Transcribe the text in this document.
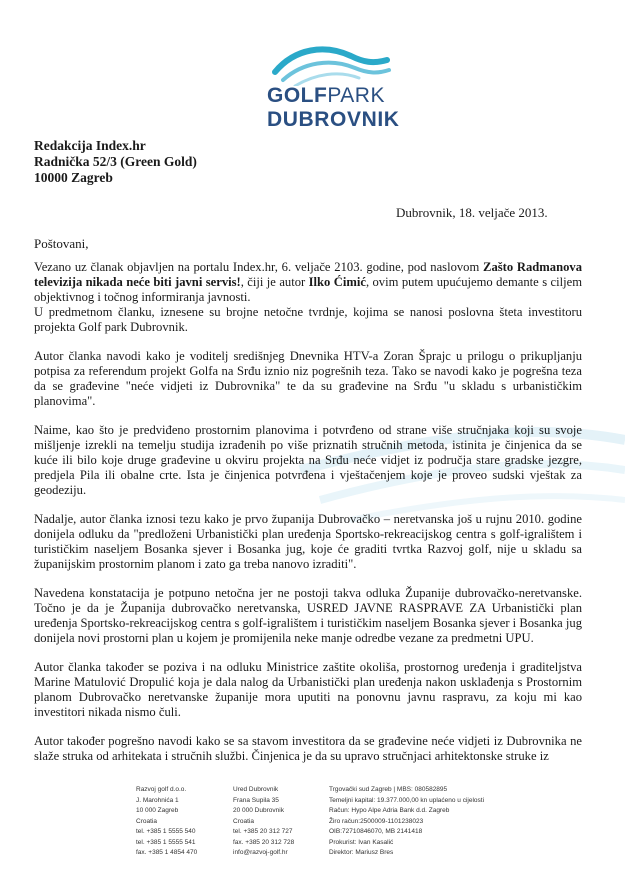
GOLFPARK
DUBROVNIK
Redakcija Index.hr
Radnička 52/3 (Green Gold)
10000 Zagreb
Dubrovnik, 18. veljače 2013.
Poštovani,

Vezano uz članak objavljen na portalu Index.hr, 6. veljače 2103. godine, pod naslovom Zašto Radmanova televizija nikada neće biti javni servis!, čiji je autor Ilko Ćimić, ovim putem upućujemo demante s ciljem objektivnog i točnog informiranja javnosti.

U predmetnom članku, iznesene su brojne netočne tvrdnje, kojima se nanosi poslovna šteta investitoru projekta Golf park Dubrovnik.

Autor članka navodi kako je voditelj središnjeg Dnevnika HTV-a Zoran Šprajc u prilogu o prikupljanju potpisa za referendum projekt Golfa na Srđu iznio niz pogrešnih teza. Tako se navodi kako je pogrešna teza da se građevine "neće vidjeti iz Dubrovnika" te da su građevine na Srđu "u skladu s urbanističkim planovima".

Naime, kao što je predviđeno prostornim planovima i potvrđeno od strane više stručnjaka koji su svoje mišljenje izrekli na temelju studija izrađenih po više priznatih stručnih metoda, istinita je činjenica da se kuće ili bilo koje druge građevine u okviru projekta na Srđu neće vidjet iz područja stare gradske jezgre, predjela Pila ili obalne crte. Ista je činjenica potvrđena i vještačenjem koje je proveo sudski vještak za geodeziju.

Nadalje, autor članka iznosi tezu kako je prvo županija Dubrovačko – neretvanska još u rujnu 2010. godine donijela odluku da "predloženi Urbanistički plan uređenja Sportsko-rekreacijskog centra s golf-igralištem i turističkim naseljem Bosanka sjever i Bosanka jug, koje će graditi tvrtka Razvoj golf, nije u skladu sa županijskim prostornim planom i zato ga treba nanovo izraditi".

Navedena konstatacija je potpuno netočna jer ne postoji takva odluka Županije dubrovačko-neretvanske. Točno je da je Županija dubrovačko neretvanska, USRED JAVNE RASPRAVE ZA Urbanistički plan uređenja Sportsko-rekreacijskog centra s golf-igralištem i turističkim naseljem Bosanka sjever i Bosanka jug donijela novi prostorni plan u kojem je promijenila neke manje odredbe vezane za predmetni UPU.

Autor članka također se poziva i na odluku Ministrice zaštite okoliša, prostornog uređenja i graditeljstva Marine Matulović Dropulić koja je dala nalog da Urbanistički plan uređenja nakon usklađenja s Prostornim planom Dubrovačko neretvanske županije mora uputiti na ponovnu javnu raspravu, za koju mi kao investitori nikada nismo čuli.

Autor također pogrešno navodi kako se sa stavom investitora da se građevine neće vidjeti iz Dubrovnika ne slaže struka od arhitekata i stručnih službi. Činjenica je da su upravo stručnjaci arhitektonske struke iz

Razvoj golf d.o.o.
J. Marohnića 1
10 000 Zagreb
Croatia
tel. +385 1 5555 540
tel. +385 1 5555 541
fax. +385 1 4854 470
Ured Dubrovnik
Frana Supila 35
20 000 Dubrovnik
Croatia
tel. +385 20 312 727
fax. +385 20 312 728
info@razvoj-golf.hr
Trgovački sud Zagreb | MBS: 080582895
Temeljni kapital: 19.377.000,00 kn uplaćeno u cijelosti
Račun: Hypo Alpe Adria Bank d.d. Zagreb
Žiro račun:2500009-1101238023
OIB:72710846070, MB 2141418
Prokurist: Ivan Kasalić
Direktor: Mariusz Bres
